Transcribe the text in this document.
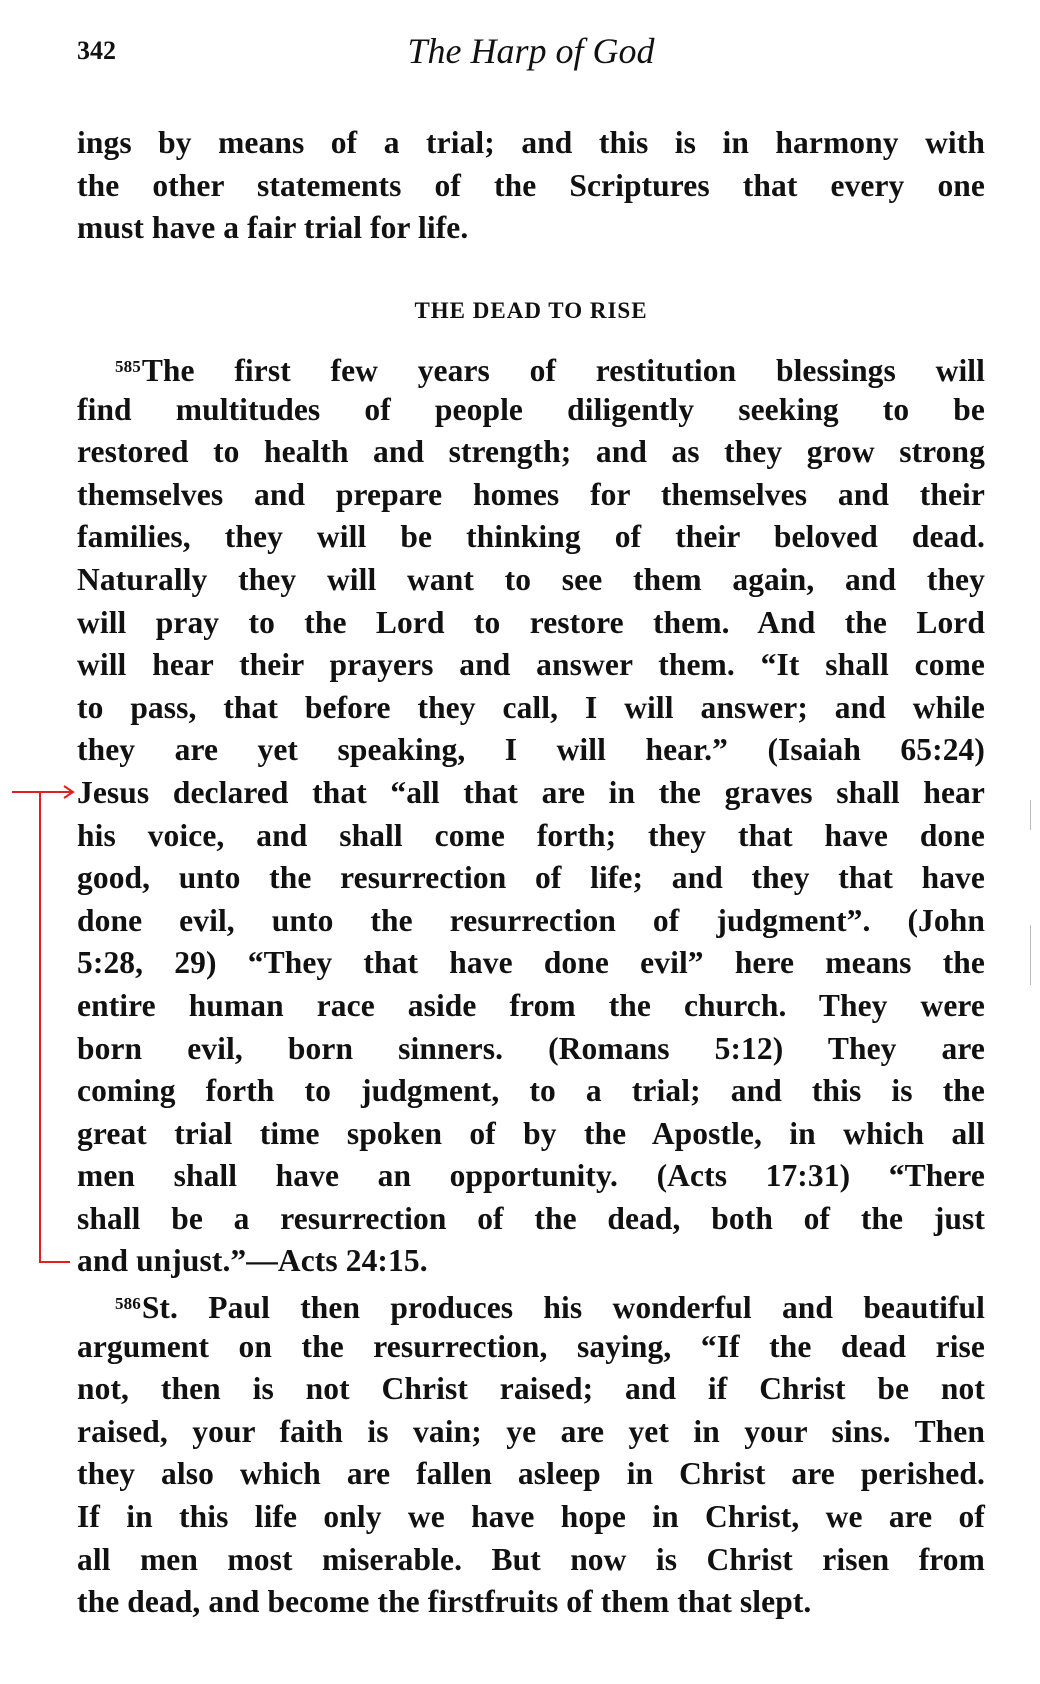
342	The Harp of God
ings by means of a trial; and this is in harmony with
the other statements of the Scriptures that every one
must have a fair trial for life.
THE DEAD TO RISE
$^{585}$The first few years of restitution blessings will
find multitudes of people diligently seeking to be
restored to health and strength; and as they grow strong
themselves and prepare homes for themselves and their
families, they will be thinking of their beloved dead.
Naturally they will want to see them again, and they
will pray to the Lord to restore them. And the Lord
will hear their prayers and answer them. “It shall come
to pass, that before they call, I will answer; and while
they are yet speaking, I will hear.” (Isaiah 65:24)
Jesus declared that “all that are in the graves shall hear
his voice, and shall come forth; they that have done
good, unto the resurrection of life; and they that have
done evil, unto the resurrection of judgment”. (John
5:28, 29) “They that have done evil” here means the
entire human race aside from the church. They were
born evil, born sinners. (Romans 5:12) They are
coming forth to judgment, to a trial; and this is the
great trial time spoken of by the Apostle, in which all
men shall have an opportunity. (Acts 17:31) “There
shall be a resurrection of the dead, both of the just
and unjust.”—Acts 24:15.
$^{586}$St. Paul then produces his wonderful and beautiful
argument on the resurrection, saying, “If the dead rise
not, then is not Christ raised; and if Christ be not
raised, your faith is vain; ye are yet in your sins. Then
they also which are fallen asleep in Christ are perished.
If in this life only we have hope in Christ, we are of
all men most miserable. But now is Christ risen from
the dead, and become the firstfruits of them that slept.
